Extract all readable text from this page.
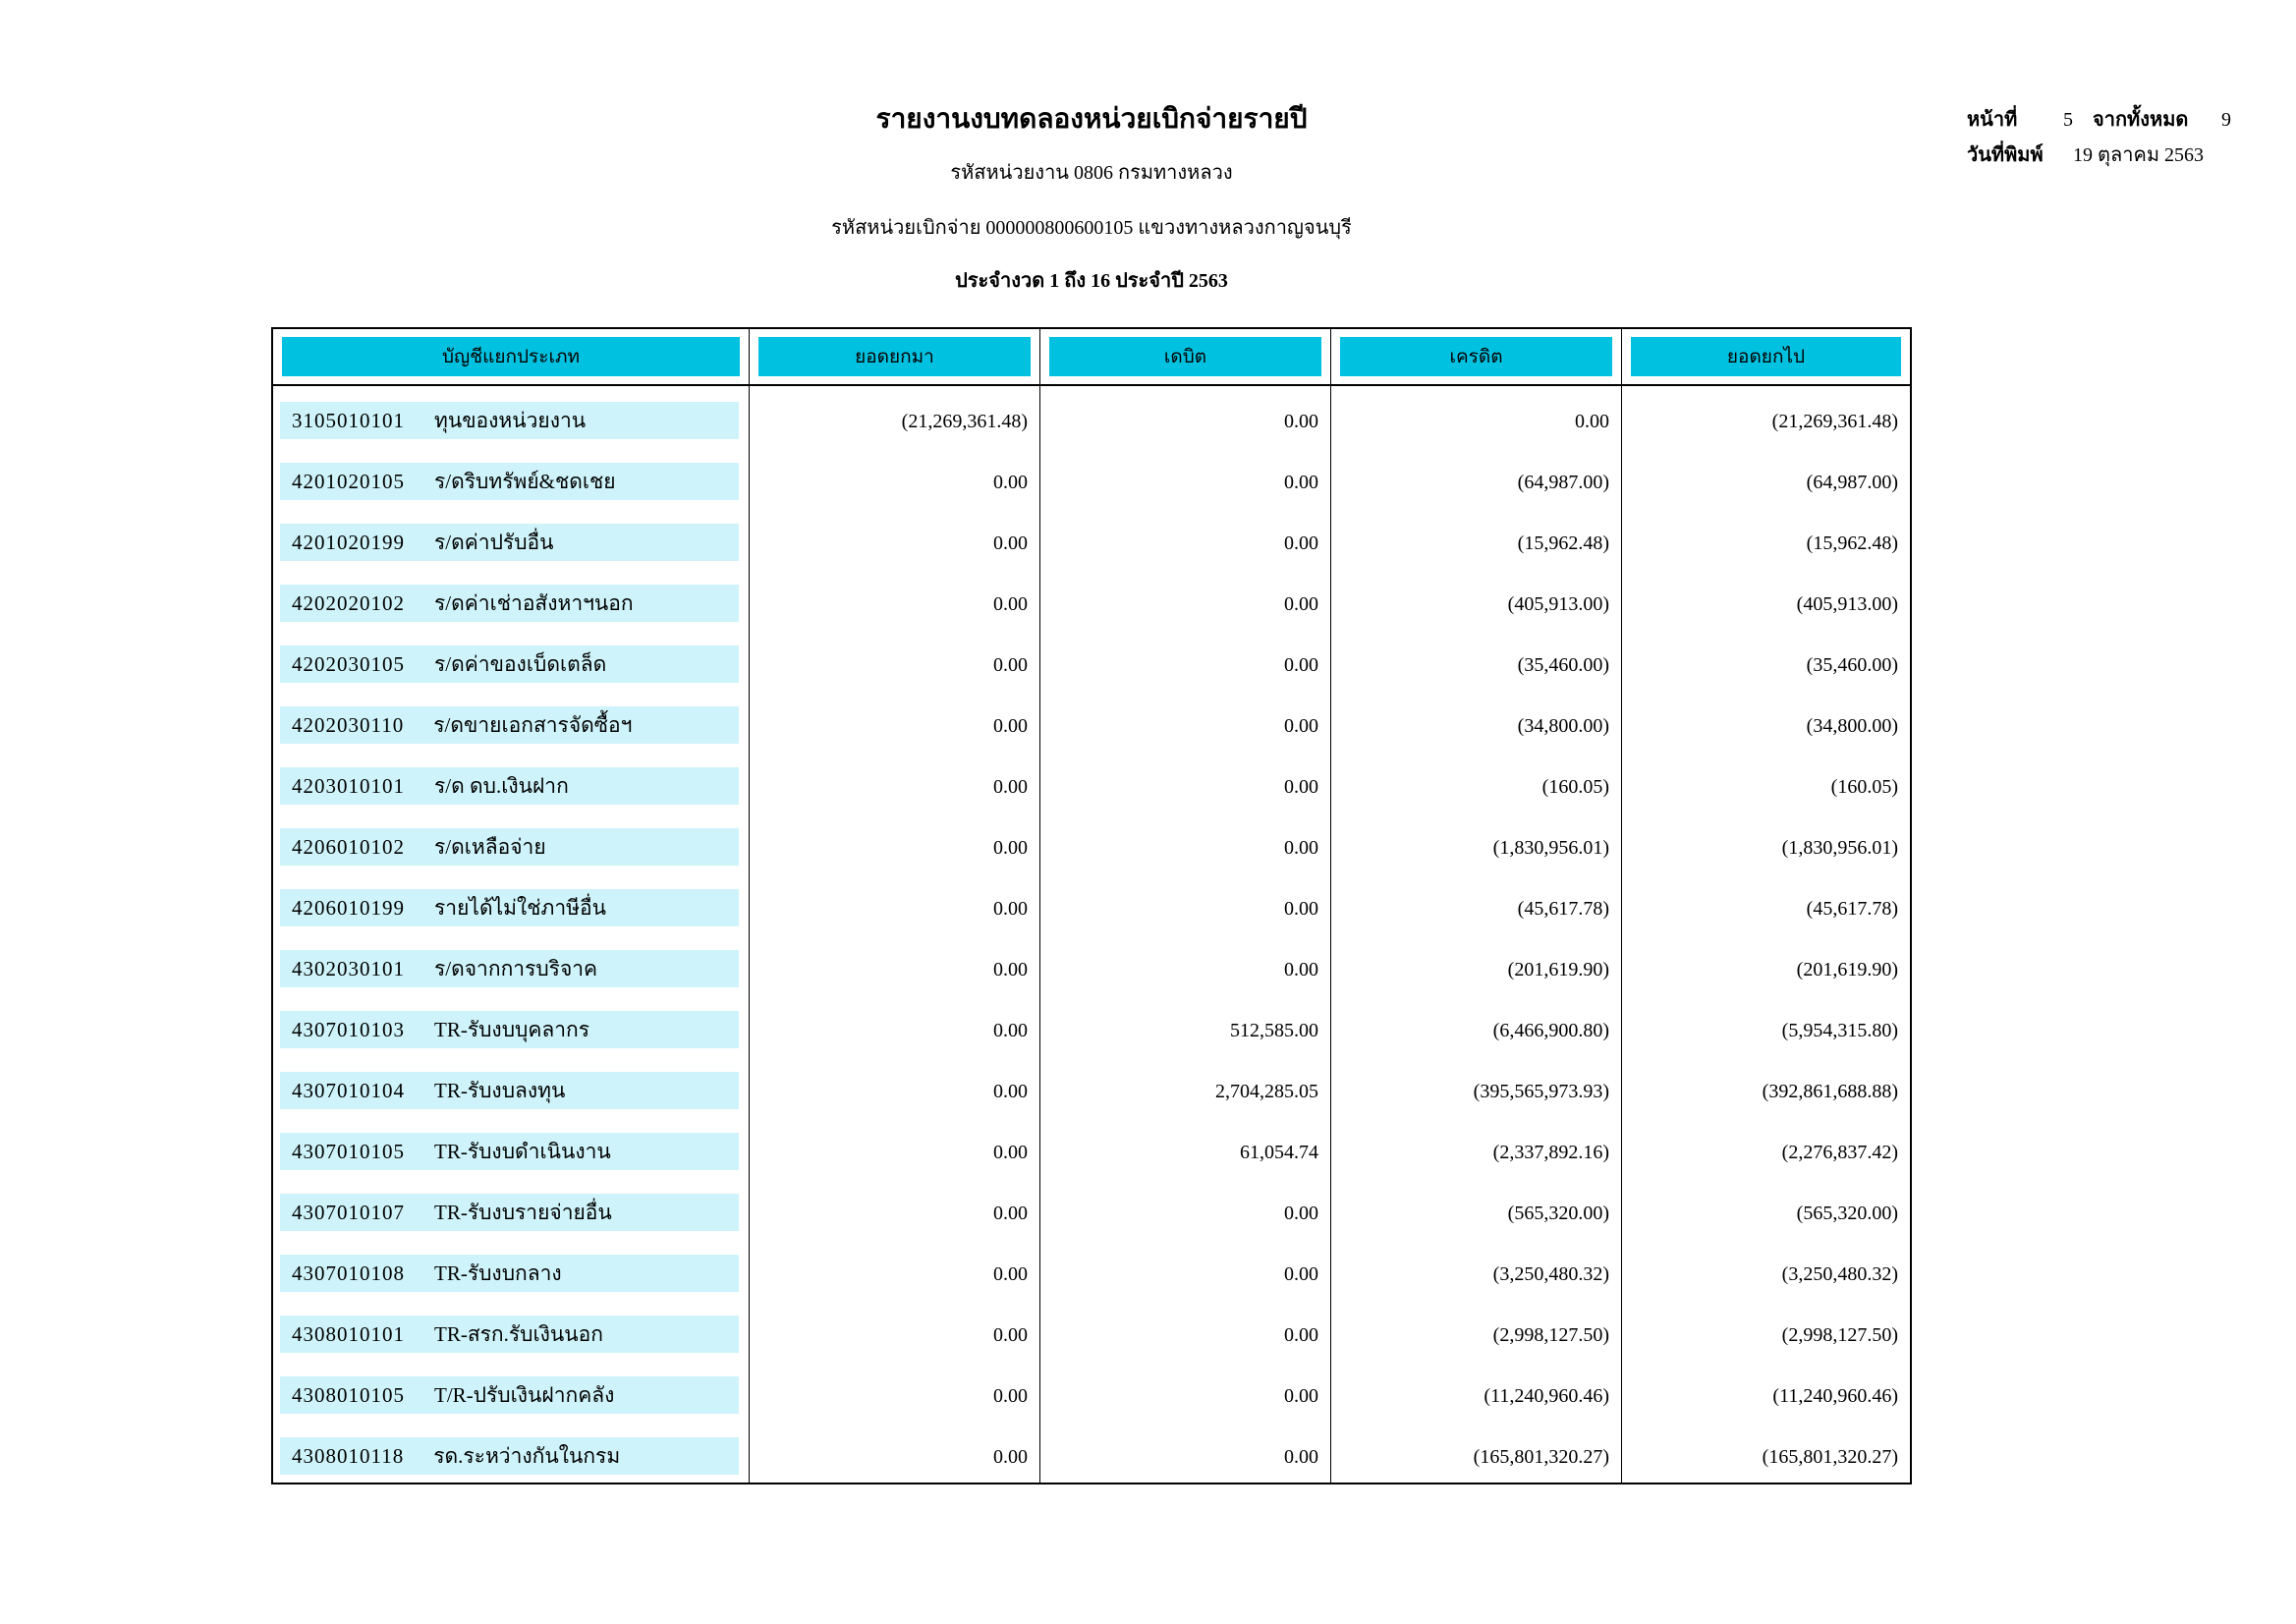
รายงานงบทดลองหน่วยเบิกจ่ายรายปี
รหัสหน่วยงาน 0806 กรมทางหลวง
รหัสหน่วยเบิกจ่าย 000000800600105 แขวงทางหลวงกาญจนบุรี
ประจำงวด 1 ถึง 16 ประจำปี 2563
หน้าที่ 5 จากทั้งหมด 9
วันที่พิมพ์ 19 ตุลาคม 2563
บัญชีแยกประเภท	ยอดยกมา	เดบิต	เครดิต	ยอดยกไป
3105010101 ทุนของหน่วยงาน	(21,269,361.48)	0.00	0.00	(21,269,361.48)
4201020105 ร/ดริบทรัพย์&ชดเชย	0.00	0.00	(64,987.00)	(64,987.00)
4201020199 ร/ดค่าปรับอื่น	0.00	0.00	(15,962.48)	(15,962.48)
4202020102 ร/ดค่าเช่าอสังหาฯนอก	0.00	0.00	(405,913.00)	(405,913.00)
4202030105 ร/ดค่าของเบ็ดเตล็ด	0.00	0.00	(35,460.00)	(35,460.00)
4202030110 ร/ดขายเอกสารจัดซื้อฯ	0.00	0.00	(34,800.00)	(34,800.00)
4203010101 ร/ด ดบ.เงินฝาก	0.00	0.00	(160.05)	(160.05)
4206010102 ร/ดเหลือจ่าย	0.00	0.00	(1,830,956.01)	(1,830,956.01)
4206010199 รายได้ไม่ใช่ภาษีอื่น	0.00	0.00	(45,617.78)	(45,617.78)
4302030101 ร/ดจากการบริจาค	0.00	0.00	(201,619.90)	(201,619.90)
4307010103 TR-รับงบบุคลากร	0.00	512,585.00	(6,466,900.80)	(5,954,315.80)
4307010104 TR-รับงบลงทุน	0.00	2,704,285.05	(395,565,973.93)	(392,861,688.88)
4307010105 TR-รับงบดำเนินงาน	0.00	61,054.74	(2,337,892.16)	(2,276,837.42)
4307010107 TR-รับงบรายจ่ายอื่น	0.00	0.00	(565,320.00)	(565,320.00)
4307010108 TR-รับงบกลาง	0.00	0.00	(3,250,480.32)	(3,250,480.32)
4308010101 TR-สรก.รับเงินนอก	0.00	0.00	(2,998,127.50)	(2,998,127.50)
4308010105 T/R-ปรับเงินฝากคลัง	0.00	0.00	(11,240,960.46)	(11,240,960.46)
4308010118 รด.ระหว่างกันในกรม	0.00	0.00	(165,801,320.27)	(165,801,320.27)
